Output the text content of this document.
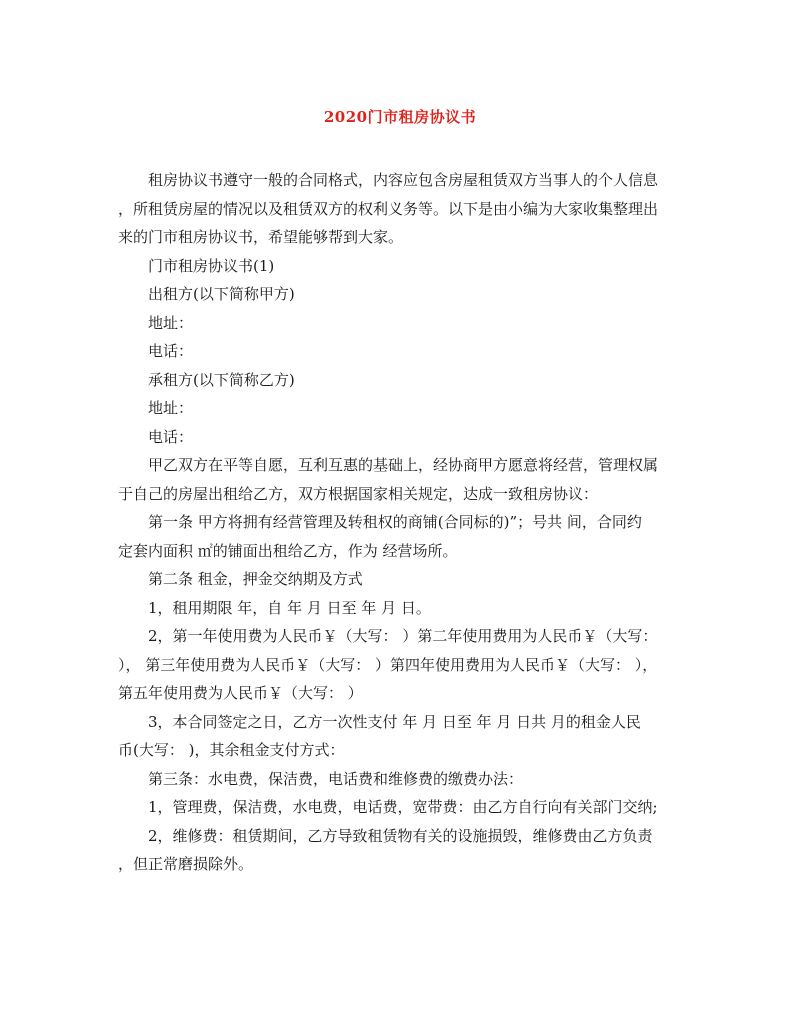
2020门市租房协议书

租房协议书遵守一般的合同格式，内容应包含房屋租赁双方当事人的个人信息
，所租赁房屋的情况以及租赁双方的权利义务等。以下是由小编为大家收集整理出
来的门市租房协议书，希望能够帮到大家。

门市租房协议书(1)

出租方(以下简称甲方)

地址：

电话：

承租方(以下简称乙方)

地址：

电话：

甲乙双方在平等自愿，互利互惠的基础上，经协商甲方愿意将经营，管理权属
于自己的房屋出租给乙方，双方根据国家相关规定，达成一致租房协议：

第一条 甲方将拥有经营管理及转租权的商铺(合同标的)”；号共 间，合同约
定套内面积 ㎡的铺面出租给乙方，作为 经营场所。

第二条 租金，押金交纳期及方式

1，租用期限 年，自 年 月 日至 年 月 日。

2，第一年使用费为人民币￥（大写： ）第二年使用费用为人民币￥（大写：
）， 第三年使用费为人民币￥（大写： ）第四年使用费用为人民币￥（大写： ），
第五年使用费为人民币￥（大写： ）

3，本合同签定之日，乙方一次性支付 年 月 日至 年 月 日共 月的租金人民
币(大写： )，其余租金支付方式：

第三条：水电费，保洁费，电话费和维修费的缴费办法：

1，管理费，保洁费，水电费，电话费，宽带费：由乙方自行向有关部门交纳;

2，维修费：租赁期间，乙方导致租赁物有关的设施损毁，维修费由乙方负责
，但正常磨损除外。
